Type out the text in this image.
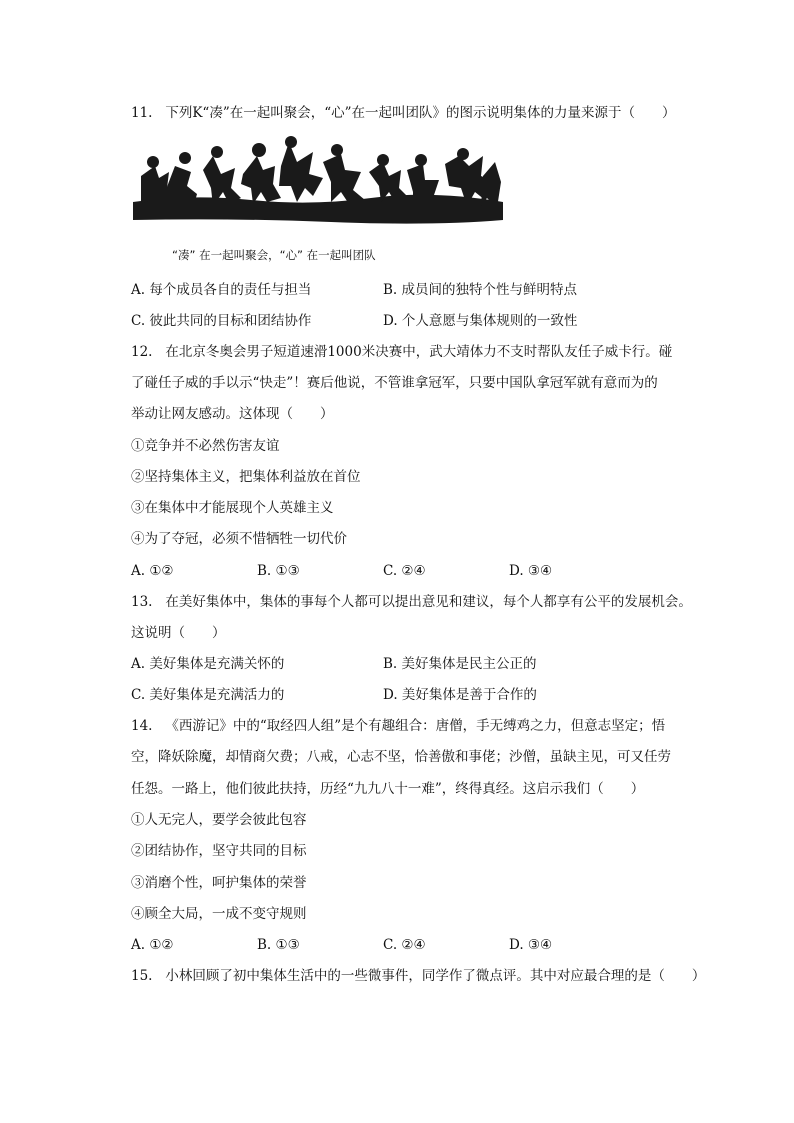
11.   下列K“凑”在一起叫聚会，“心”在一起叫团队》的图示说明集体的力量来源于（　　）
“凑” 在一起叫聚会，“心” 在一起叫团队
A. 每个成员各自的责任与担当	B. 成员间的独特个性与鲜明特点
C. 彼此共同的目标和团结协作	D. 个人意愿与集体规则的一致性
12.   在北京冬奥会男子短道速滑1000米决赛中，武大靖体力不支时帮队友任子威卡行。碰
了碰任子威的手以示“快走”！赛后他说，不管谁拿冠军，只要中国队拿冠军就有意而为的
举动让网友感动。这体现（　　）
①竞争并不必然伤害友谊
②坚持集体主义，把集体利益放在首位
③在集体中才能展现个人英雄主义
④为了夺冠，必须不惜牺牲一切代价
A. ①②	B. ①③	C. ②④	D. ③④
13.   在美好集体中，集体的事每个人都可以提出意见和建议，每个人都享有公平的发展机会。
这说明（　　）
A. 美好集体是充满关怀的	B. 美好集体是民主公正的
C. 美好集体是充满活力的	D. 美好集体是善于合作的
14.   《西游记》中的“取经四人组”是个有趣组合：唐僧，手无缚鸡之力，但意志坚定；悟
空，降妖除魔，却情商欠费；八戒，心志不坚，恰善傲和事佬；沙僧，虽缺主见，可又任劳
任怨。一路上，他们彼此扶持，历经“九九八十一难”，终得真经。这启示我们（　　）
①人无完人，要学会彼此包容
②团结协作，坚守共同的目标
③消磨个性，呵护集体的荣誉
④顾全大局，一成不变守规则
A. ①②	B. ①③	C. ②④	D. ③④
15.   小林回顾了初中集体生活中的一些微事件，同学作了微点评。其中对应最合理的是（　　）
